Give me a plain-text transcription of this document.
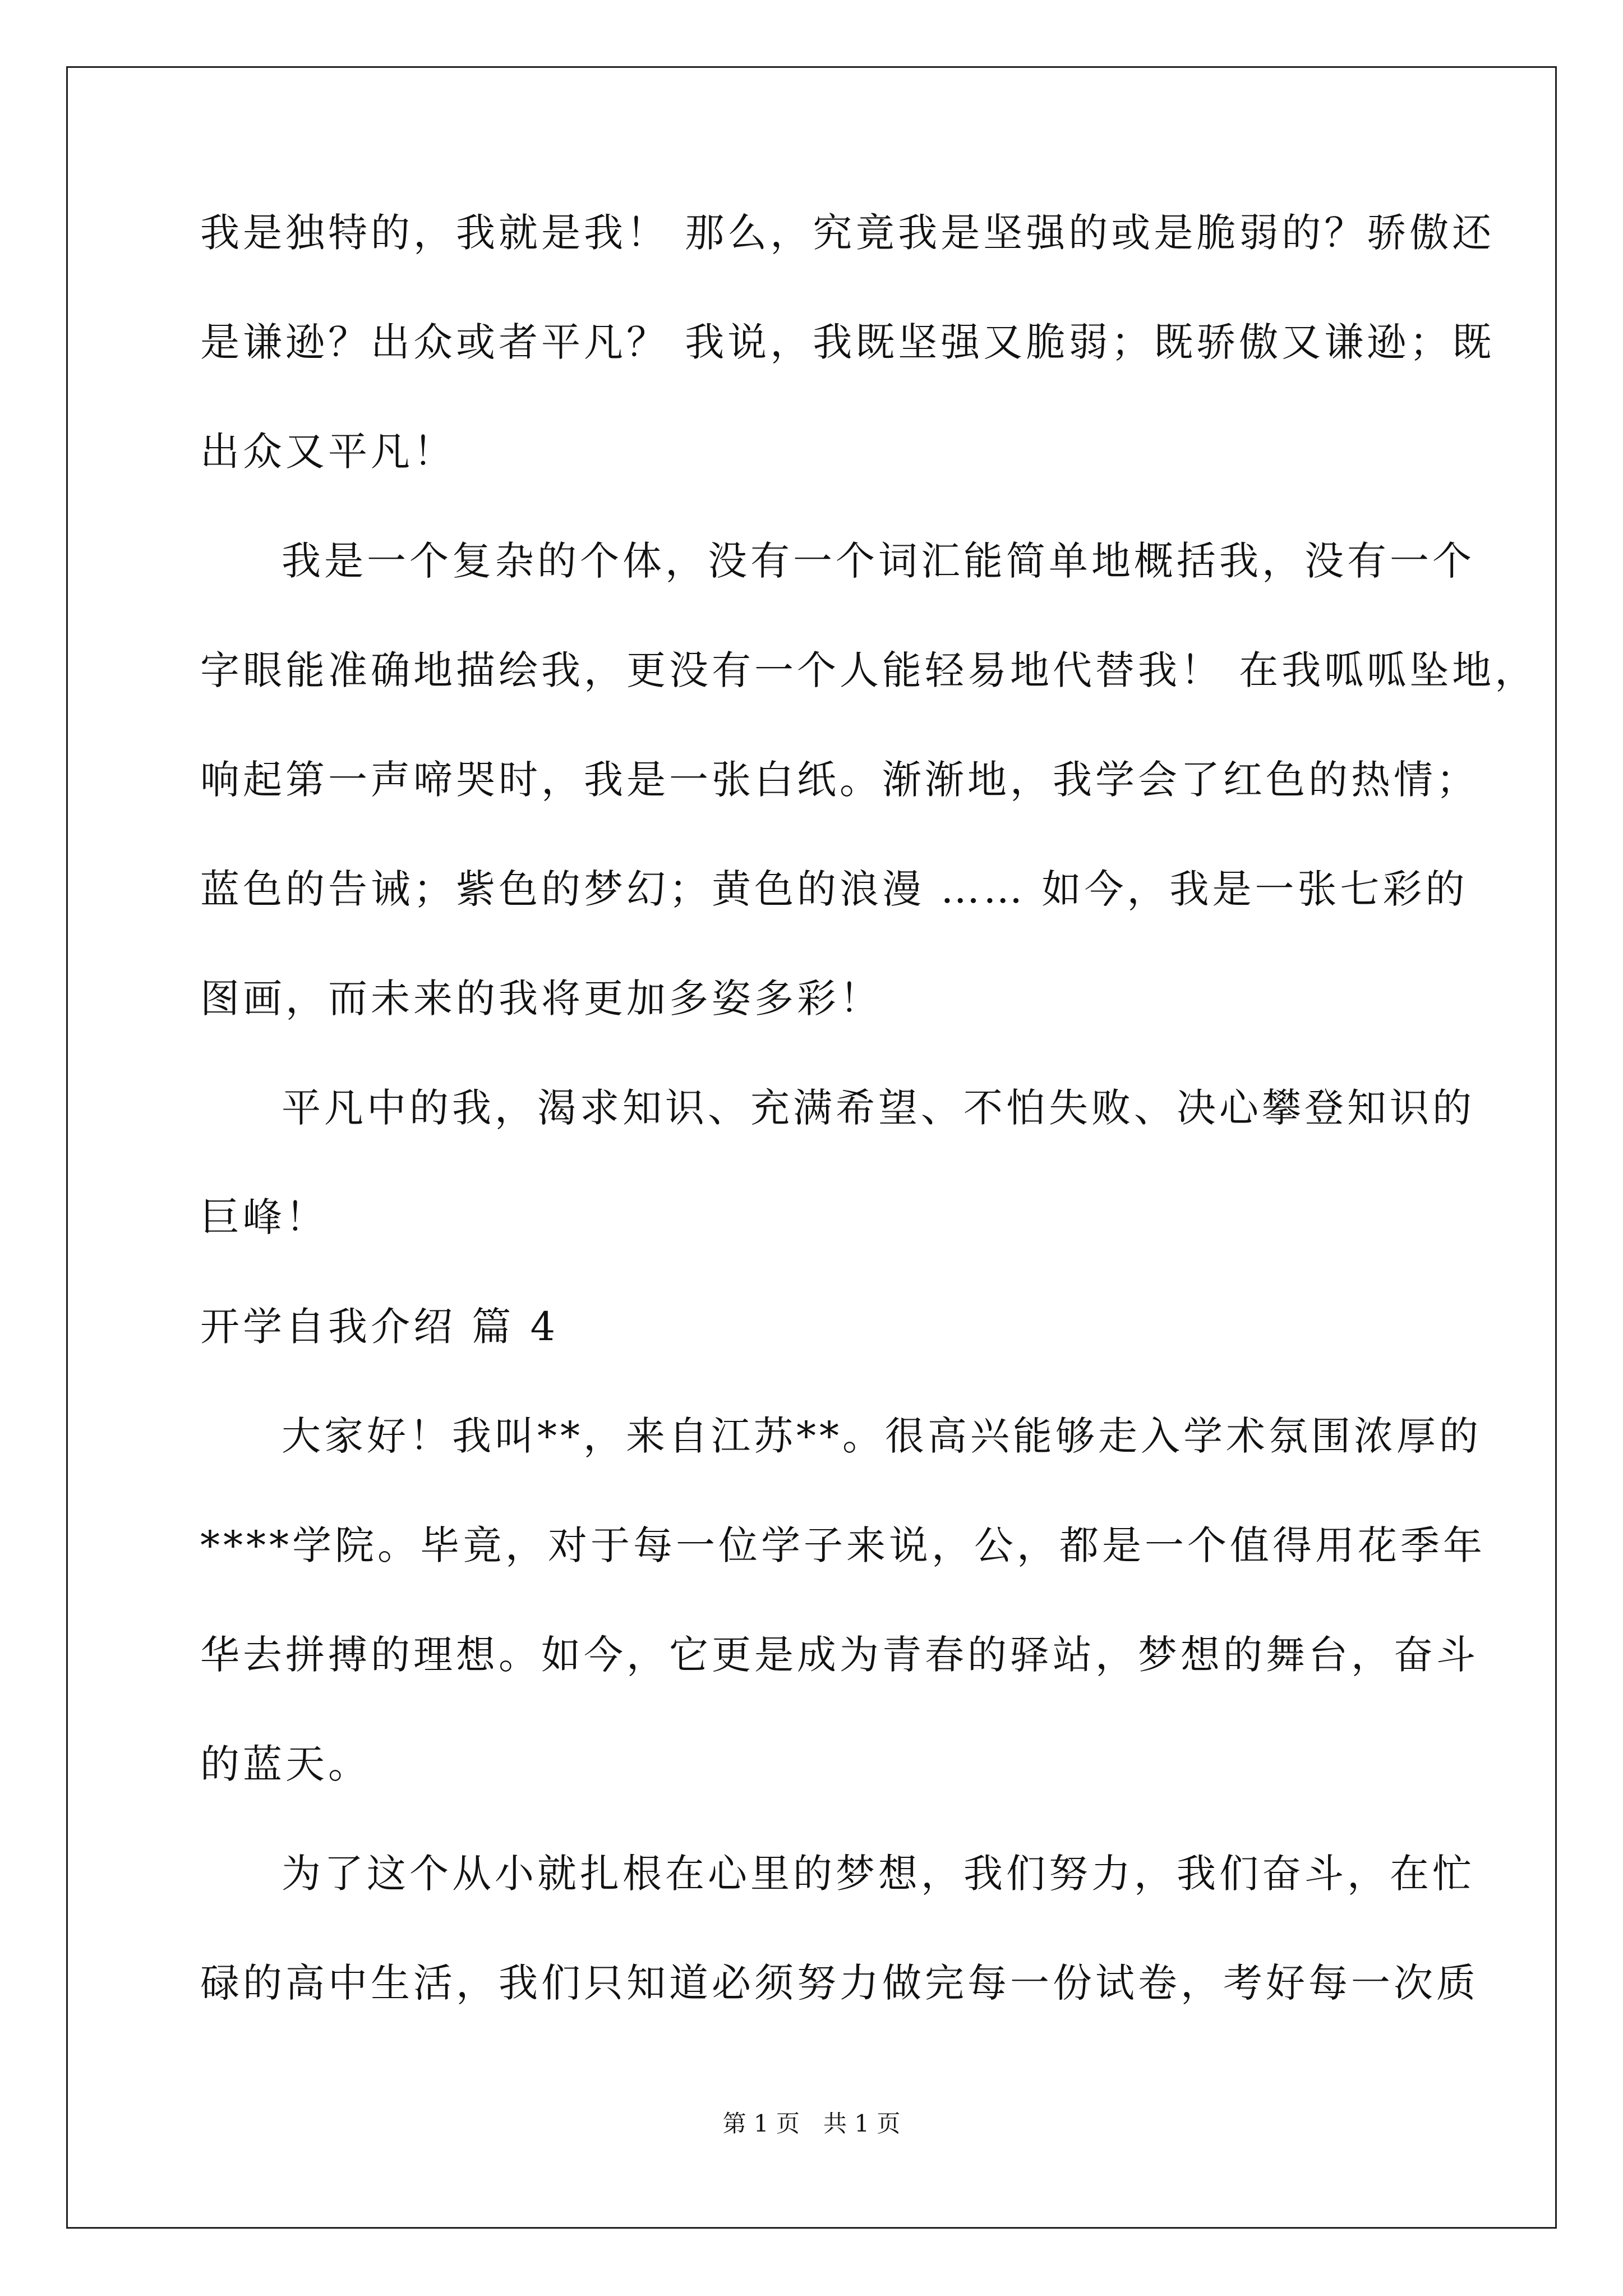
我是独特的，我就是我！ 那么，究竟我是坚强的或是脆弱的？骄傲还
是谦逊？出众或者平凡？ 我说，我既坚强又脆弱；既骄傲又谦逊；既
出众又平凡！
我是一个复杂的个体，没有一个词汇能简单地概括我，没有一个
字眼能准确地描绘我，更没有一个人能轻易地代替我！ 在我呱呱坠地，
响起第一声啼哭时，我是一张白纸。渐渐地，我学会了红色的热情；
蓝色的告诫；紫色的梦幻；黄色的浪漫 …… 如今，我是一张七彩的
图画，而未来的我将更加多姿多彩！
平凡中的我，渴求知识、充满希望、不怕失败、决心攀登知识的
巨峰！
开学自我介绍 篇 4
大家好！我叫**，来自江苏**。很高兴能够走入学术氛围浓厚的
****学院。毕竟，对于每一位学子来说，公，都是一个值得用花季年
华去拼搏的理想。如今，它更是成为青春的驿站，梦想的舞台，奋斗
的蓝天。
为了这个从小就扎根在心里的梦想，我们努力，我们奋斗，在忙
碌的高中生活，我们只知道必须努力做完每一份试卷，考好每一次质
第 1 页　共 1 页
